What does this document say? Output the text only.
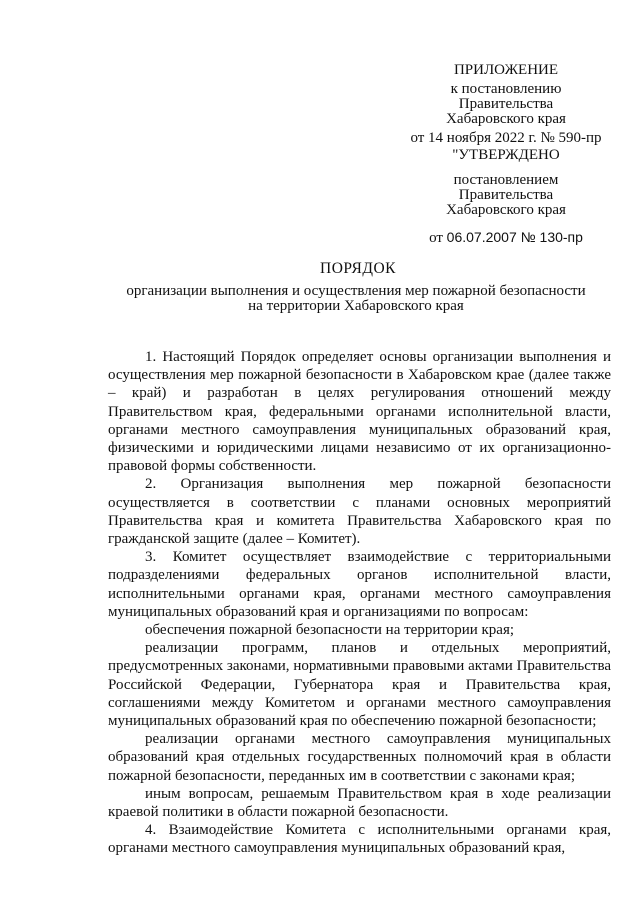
ПРИЛОЖЕНИЕ
к постановлению
Правительства
Хабаровского края
от 14 ноября 2022 г. № 590-пр
"УТВЕРЖДЕНО
постановлением
Правительства
Хабаровского края
от 06.07.2007 № 130-пр
ПОРЯДОК
организации выполнения и осуществления мер пожарной безопасности
на территории Хабаровского края

1. Настоящий Порядок определяет основы организации выполнения и осуществления мер пожарной безопасности в Хабаровском крае (далее также – край) и разработан в целях регулирования отношений между Правительством края, федеральными органами исполнительной власти, органами местного самоуправления муниципальных образований края, физическими и юридическими лицами независимо от их организационно-правовой формы собственности.

2. Организация выполнения мер пожарной безопасности осуществляется в соответствии с планами основных мероприятий Правительства края и комитета Правительства Хабаровского края по гражданской защите (далее – Комитет).

3. Комитет осуществляет взаимодействие с территориальными подразделениями федеральных органов исполнительной власти, исполнительными органами края, органами местного самоуправления муниципальных образований края и организациями по вопросам:

обеспечения пожарной безопасности на территории края;

реализации программ, планов и отдельных мероприятий, предусмотренных законами, нормативными правовыми актами Правительства Российской Федерации, Губернатора края и Правительства края, соглашениями между Комитетом и органами местного самоуправления муниципальных образований края по обеспечению пожарной безопасности;

реализации органами местного самоуправления муниципальных образований края отдельных государственных полномочий края в области пожарной безопасности, переданных им в соответствии с законами края;

иным вопросам, решаемым Правительством края в ходе реализации краевой политики в области пожарной безопасности.

4. Взаимодействие Комитета с исполнительными органами края, органами местного самоуправления муниципальных образований края,
